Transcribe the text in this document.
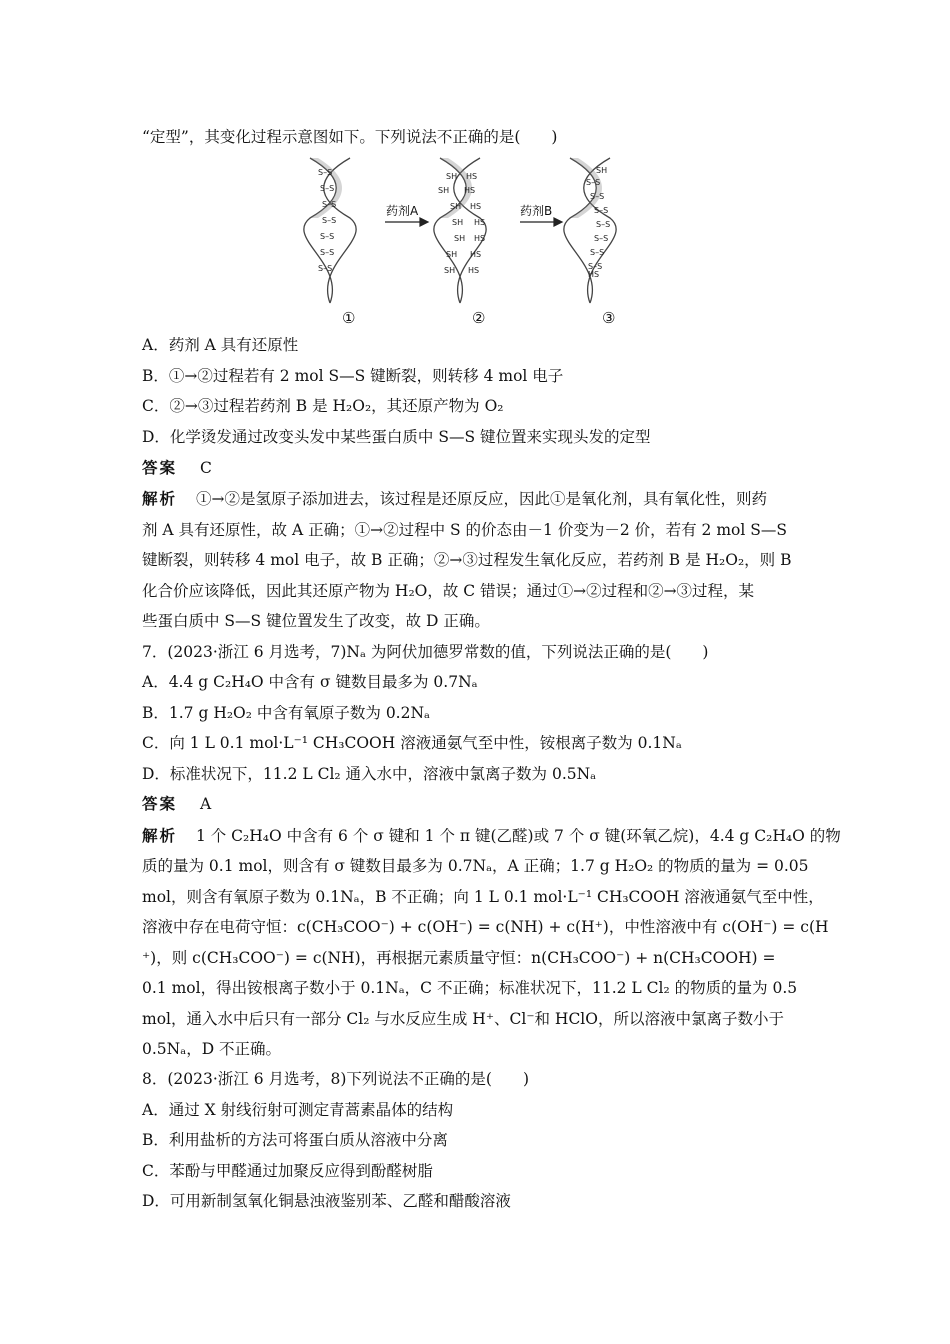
“定型”，其变化过程示意图如下。下列说法不正确的是(　　)
S–S
S–S
S–S
S–S
S–S
S–S
S–S
SH HS
SH HS
SH HS
SH HS
SH HS
SH HS
SH HS
SH
S–S
S–S
S–S
S–S
S–S
S–S
S–S
HS
药剂A	药剂B
①	②	③
A．药剂 A 具有还原性
B．①→②过程若有 2 mol S—S 键断裂，则转移 4 mol 电子
C．②→③过程若药剂 B 是 H₂O₂，其还原产物为 O₂
D．化学烫发通过改变头发中某些蛋白质中 S—S 键位置来实现头发的定型
答案 C
解析 ①→②是氢原子添加进去，该过程是还原反应，因此①是氧化剂，具有氧化性，则药
剂 A 具有还原性，故 A 正确；①→②过程中 S 的价态由－1 价变为－2 价，若有 2 mol S—S
键断裂，则转移 4 mol 电子，故 B 正确；②→③过程发生氧化反应，若药剂 B 是 H₂O₂，则 B
化合价应该降低，因此其还原产物为 H₂O，故 C 错误；通过①→②过程和②→③过程，某
些蛋白质中 S—S 键位置发生了改变，故 D 正确。
7．(2023·浙江 6 月选考，7)Nₐ 为阿伏加德罗常数的值，下列说法正确的是(　　)
A．4.4 g C₂H₄O 中含有 σ 键数目最多为 0.7Nₐ
B．1.7 g H₂O₂ 中含有氧原子数为 0.2Nₐ
C．向 1 L 0.1 mol·L⁻¹ CH₃COOH 溶液通氨气至中性，铵根离子数为 0.1Nₐ
D．标准状况下，11.2 L Cl₂ 通入水中，溶液中氯离子数为 0.5Nₐ
答案 A
解析 1 个 C₂H₄O 中含有 6 个 σ 键和 1 个 π 键(乙醛)或 7 个 σ 键(环氧乙烷)，4.4 g C₂H₄O 的物
质的量为 0.1 mol，则含有 σ 键数目最多为 0.7Nₐ，A 正确；1.7 g H₂O₂ 的物质的量为 = 0.05
mol，则含有氧原子数为 0.1Nₐ，B 不正确；向 1 L 0.1 mol·L⁻¹ CH₃COOH 溶液通氨气至中性，
溶液中存在电荷守恒：c(CH₃COO⁻) + c(OH⁻) = c(NH) + c(H⁺)，中性溶液中有 c(OH⁻) = c(H
⁺)，则 c(CH₃COO⁻) = c(NH)，再根据元素质量守恒：n(CH₃COO⁻) + n(CH₃COOH) =
0.1 mol，得出铵根离子数小于 0.1Nₐ，C 不正确；标准状况下，11.2 L Cl₂ 的物质的量为 0.5
mol，通入水中后只有一部分 Cl₂ 与水反应生成 H⁺、Cl⁻和 HClO，所以溶液中氯离子数小于
0.5Nₐ，D 不正确。
8．(2023·浙江 6 月选考，8)下列说法不正确的是(　　)
A．通过 X 射线衍射可测定青蒿素晶体的结构
B．利用盐析的方法可将蛋白质从溶液中分离
C．苯酚与甲醛通过加聚反应得到酚醛树脂
D．可用新制氢氧化铜悬浊液鉴别苯、乙醛和醋酸溶液
